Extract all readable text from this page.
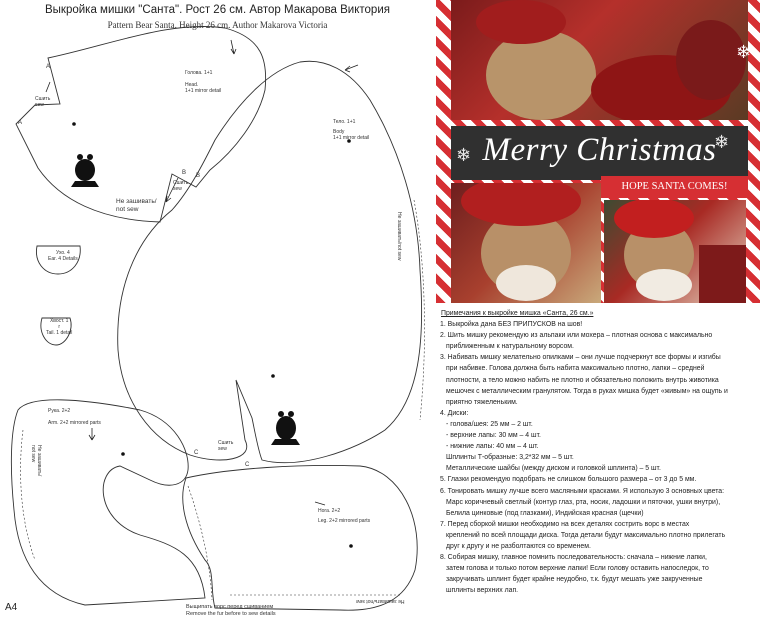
Выкройка мишки "Санта". Рост 26 см. Автор Макарова Виктория
Pattern Bear Santa. Height 26 cm. Author Makarova Victoria
Голова. 1+1
Head.
1+1 mirror detail
Тело. 1+1
Body
1+1 mirror detail
Ухо. 4
Ear. 4 Details
Хвост. 1
r
Tail. 1 detail
Рука. 2+2
Arm. 2+2 mirrored parts
Нога. 2+2
Leg. 2+2 mirrored parts
Не зашивать/
not sew
Сшить
sew
Сшить
sew
Сшить
sew
Не зашивать/not sew
Не зашивать/
not sew
Не зашивать/not sew
Выщипать ворс перед сшиванием
Remove the fur before to sew details
A
A
B B
C
C
A4
Merry Christmas
❄
❄
❄
HOPE SANTA COMES!
Примечания к выкройке мишка «Санта, 26 см.»

1. Выкройка дана БЕЗ ПРИПУСКОВ на шов!

2. Шить мишку рекомендую из альпаки или мохера – плотная основа с максимально

приближенным к натуральному ворсом.

3. Набивать мишку желательно опилками – они лучше подчеркнут все формы и изгибы

при набивке. Голова должна быть набита максимально плотно, лапки – средней

плотности, а тело можно набить не плотно и обязательно положить внутрь животика

мешочек с металлическим гранулятом. Тогда в руках мишка будет «живым» на ощупь и

приятно тяжеленьким.

4. Диски:

- голова/шея: 25 мм – 2 шт.

- верхние лапы: 30 мм – 4 шт.

- нижние лапы: 40 мм – 4 шт.

Шплинты Т-образные: 3,2*32 мм – 5 шт.

Металлические шайбы (между диском и головкой шплинта) – 5 шт.

5. Глазки рекомендую подобрать не слишком большого размера – от 3 до 5 мм.

6. Тонировать мишку лучше всего масляными красками. Я использую 3 основных цвета:

Марс коричневый светлый (контур глаз, рта, носик, ладошки и пяточки, ушки внутри),

Белила цинковые (под глазками), Индийская красная (щечки)

7. Перед сборкой мишки необходимо на всех деталях сострить ворс в местах

креплений по всей площади диска. Тогда детали будут максимально плотно прилегать

друг к другу и не разболтаются со временем.

8. Собирая мишку, главное помнить последовательность: сначала – нижние лапки,

затем голова и только потом верхние лапки! Если голову оставить напоследок, то

закручивать шплинт будет крайне неудобно, т.к. будут мешать уже закрученные

шплинты верхних лап.
